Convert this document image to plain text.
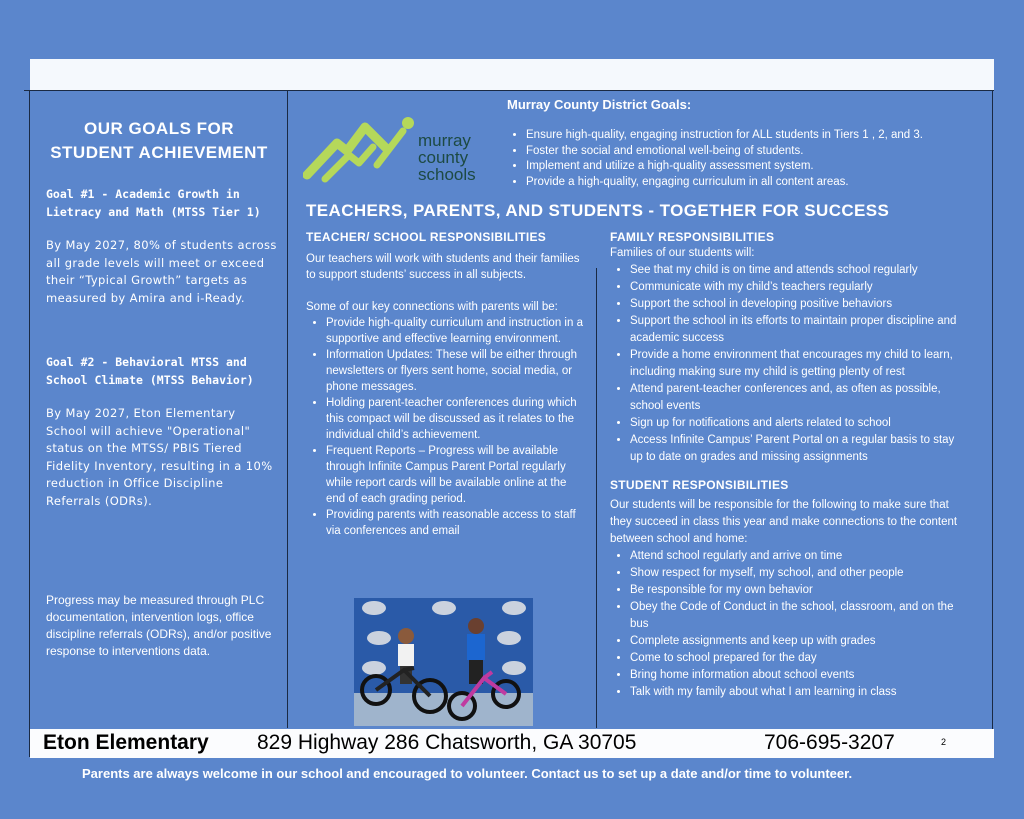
OUR GOALS FOR STUDENT ACHIEVEMENT
Goal #1 - Academic Growth in Lietracy and Math (MTSS Tier 1)
By May 2027, 80% of students across all grade levels will meet or exceed their “Typical Growth” targets as measured by Amira and i-Ready.
Goal #2 - Behavioral MTSS and School Climate (MTSS Behavior)
By May 2027, Eton Elementary School will achieve "Operational" status on the MTSS/ PBIS Tiered Fidelity Inventory, resulting in a 10% reduction in Office Discipline Referrals (ODRs).
Progress may be measured through PLC documentation, intervention logs, office discipline referrals (ODRs), and/or positive response to interventions data.
murray
county
schools
Murray County District Goals:
• Ensure high-quality, engaging instruction for ALL students in Tiers 1 , 2, and 3.
• Foster the social and emotional well-being of students.
• Implement and utilize a high-quality assessment system.
• Provide a high-quality, engaging curriculum in all content areas.
TEACHERS, PARENTS, AND STUDENTS - TOGETHER FOR SUCCESS
TEACHER/ SCHOOL RESPONSIBILITIES

Our teachers will work with students and their families to support students’ success in all subjects.

Some of our key connections with parents will be:

• Provide high-quality curriculum and instruction in a supportive and effective learning environment.
• Information Updates: These will be either through newsletters or flyers sent home, social media, or phone messages.
• Holding parent-teacher conferences during which this compact will be discussed as it relates to the individual child’s achievement.
• Frequent Reports – Progress will be available through Infinite Campus Parent Portal regularly while report cards will be available online at the end of each grading period.
• Providing parents with reasonable access to staff via conferences and email
FAMILY RESPONSIBILITIES
Families of our students will:
• See that my child is on time and attends school regularly
• Communicate with my child’s teachers regularly
• Support the school in developing positive behaviors
• Support the school in its efforts to maintain proper discipline and academic success
• Provide a home environment that encourages my child to learn, including making sure my child is getting plenty of rest
• Attend parent-teacher conferences and, as often as possible, school events
• Sign up for notifications and alerts related to school
• Access Infinite Campus’ Parent Portal on a regular basis to stay up to date on grades and missing assignments
STUDENT RESPONSIBILITIES
Our students will be responsible for the following to make sure that they succeed in class this year and make connections to the content between school and home:
• Attend school regularly and arrive on time
• Show respect for myself, my school, and other people
• Be responsible for my own behavior
• Obey the Code of Conduct in the school, classroom, and on the bus
• Complete assignments and keep up with grades
• Come to school prepared for the day
• Bring home information about school events
• Talk with my family about what I am learning in class
Eton Elementary 829 Highway 286 Chatsworth, GA 30705	706-695-3207	2
Parents are always welcome in our school and encouraged to volunteer. Contact us to set up a date and/or time to volunteer.
